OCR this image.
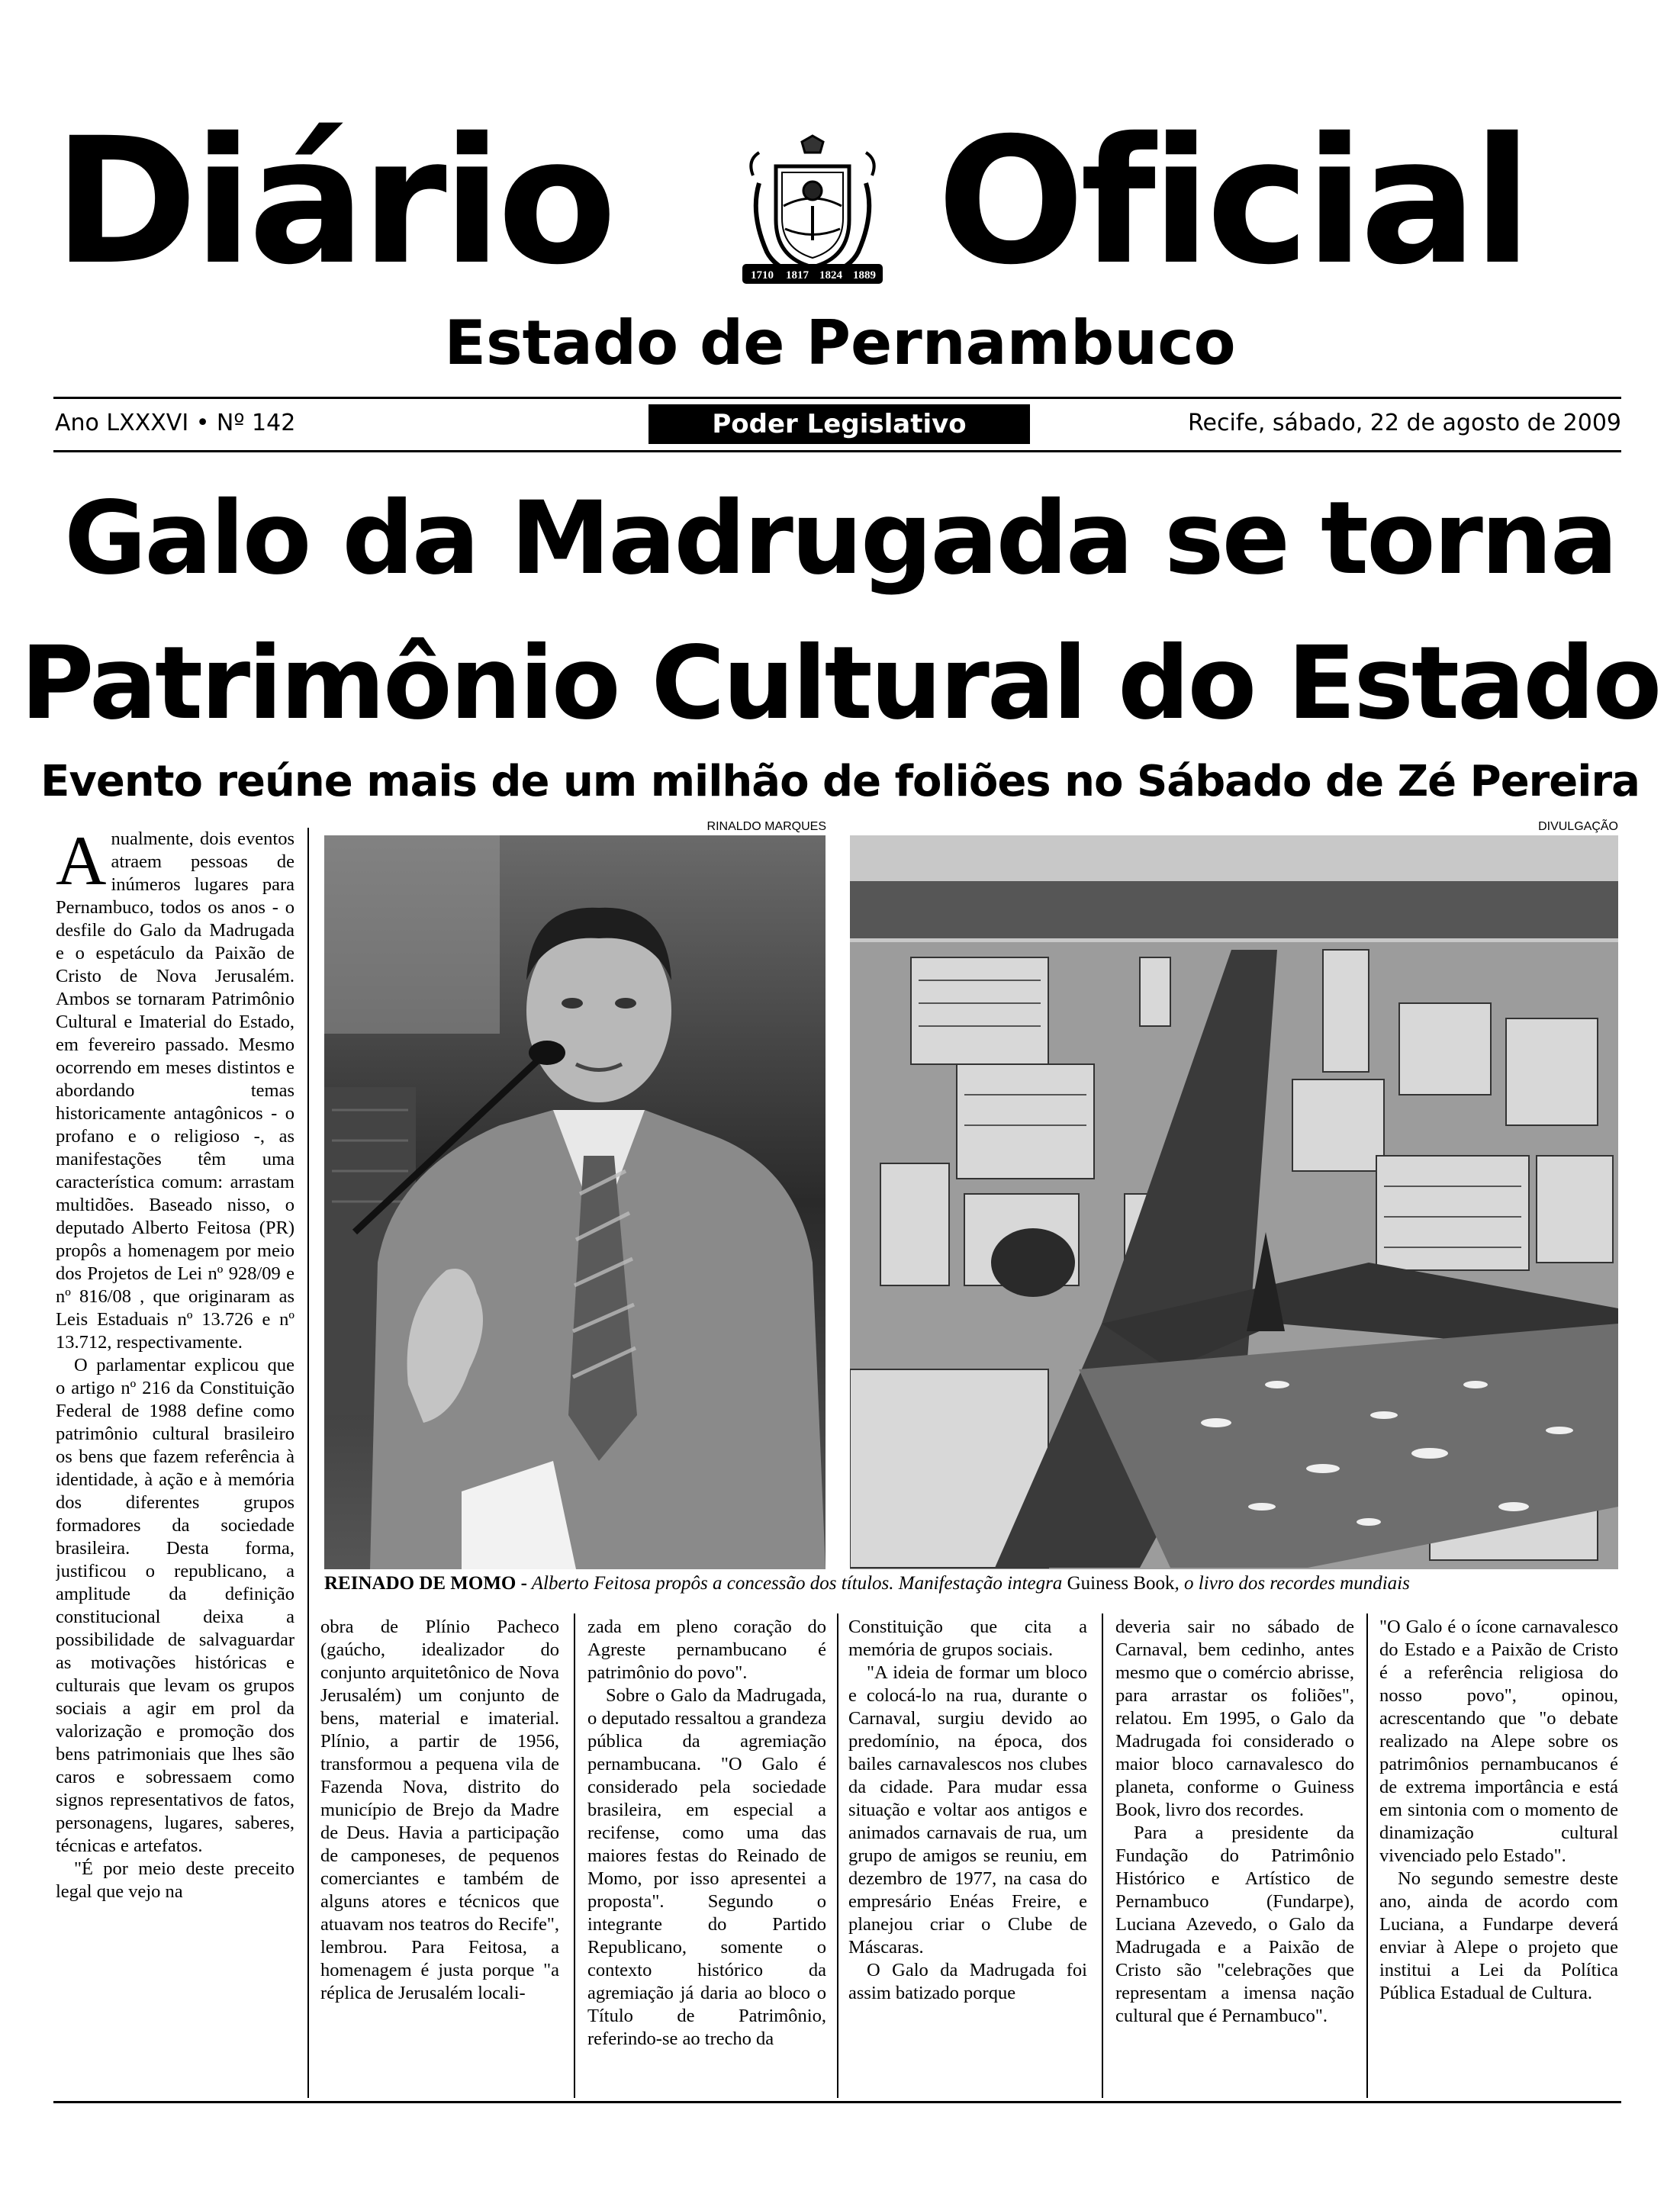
Diário Oficial
1710 1817 1824 1889
Estado de Pernambuco
Ano LXXXVI • Nº 142	Poder Legislativo	Recife, sábado, 22 de agosto de 2009
Galo da Madrugada se torna
Patrimônio Cultural do Estado
Evento reúne mais de um milhão de foliões no Sábado de Zé Pereira
RINALDO MARQUES	DIVULGAÇÃO
REINADO DE MOMO - Alberto Feitosa propôs a concessão dos títulos. Manifestação integra Guiness Book, o livro dos recordes mundiais
A nualmente, dois eventos atraem pessoas de inúmeros lugares para Pernambuco, todos os anos - o desfile do Galo da Madrugada e o espetáculo da Paixão de Cristo de Nova Jerusalém. Ambos se tornaram Patrimônio Cultural e Imaterial do Estado, em fevereiro passado. Mesmo ocorrendo em meses distintos e abordando temas historicamente antagônicos - o profano e o religioso -, as manifestações têm uma característica comum: arrastam multidões. Baseado nisso, o deputado Alberto Feitosa (PR) propôs a homenagem por meio dos Projetos de Lei nº 928/09 e nº 816/08 , que originaram as Leis Estaduais nº 13.726 e nº 13.712, respectivamente.

O parlamentar explicou que o artigo nº 216 da Constituição Federal de 1988 define como patrimônio cultural brasileiro os bens que fazem referência à identidade, à ação e à memória dos diferentes grupos formadores da sociedade brasileira. Desta forma, justificou o republicano, a amplitude da definição constitucional deixa a possibilidade de salvaguardar as motivações históricas e culturais que levam os grupos sociais a agir em prol da valorização e promoção dos bens patrimoniais que lhes são caros e sobressaem como signos representativos de fatos, personagens, lugares, saberes, técnicas e artefatos.

"É por meio deste preceito legal que vejo na

obra de Plínio Pacheco (gaúcho, idealizador do conjunto arquitetônico de Nova Jerusalém) um conjunto de bens, material e imaterial. Plínio, a partir de 1956, transformou a pequena vila de Fazenda Nova, distrito do município de Brejo da Madre de Deus. Havia a participação de camponeses, de pequenos comerciantes e também de alguns atores e técnicos que atuavam nos teatros do Recife", lembrou. Para Feitosa, a homenagem é justa porque "a réplica de Jerusalém locali-

zada em pleno coração do Agreste pernambucano é patrimônio do povo".

Sobre o Galo da Madrugada, o deputado ressaltou a grandeza pública da agremiação pernambucana. "O Galo é considerado pela sociedade brasileira, em especial a recifense, como uma das maiores festas do Reinado de Momo, por isso apresentei a proposta". Segundo o integrante do Partido Republicano, somente o contexto histórico da agremiação já daria ao bloco o Título de Patrimônio, referindo-se ao trecho da

Constituição que cita a memória de grupos sociais.

"A ideia de formar um bloco e colocá-lo na rua, durante o Carnaval, surgiu devido ao predomínio, na época, dos bailes carnavalescos nos clubes da cidade. Para mudar essa situação e voltar aos antigos e animados carnavais de rua, um grupo de amigos se reuniu, em dezembro de 1977, na casa do empresário Enéas Freire, e planejou criar o Clube de Máscaras.

O Galo da Madrugada foi assim batizado porque

deveria sair no sábado de Carnaval, bem cedinho, antes mesmo que o comércio abrisse, para arrastar os foliões", relatou. Em 1995, o Galo da Madrugada foi considerado o maior bloco carnavalesco do planeta, conforme o Guiness Book, livro dos recordes.

Para a presidente da Fundação do Patrimônio Histórico e Artístico de Pernambuco (Fundarpe), Luciana Azevedo, o Galo da Madrugada e a Paixão de Cristo são "celebrações que representam a imensa nação cultural que é Pernambuco".

"O Galo é o ícone carnavalesco do Estado e a Paixão de Cristo é a referência religiosa do nosso povo", opinou, acrescentando que "o debate realizado na Alepe sobre os patrimônios pernambucanos é de extrema importância e está em sintonia com o momento de dinamização cultural vivenciado pelo Estado".

No segundo semestre deste ano, ainda de acordo com Luciana, a Fundarpe deverá enviar à Alepe o projeto que institui a Lei da Política Pública Estadual de Cultura.
